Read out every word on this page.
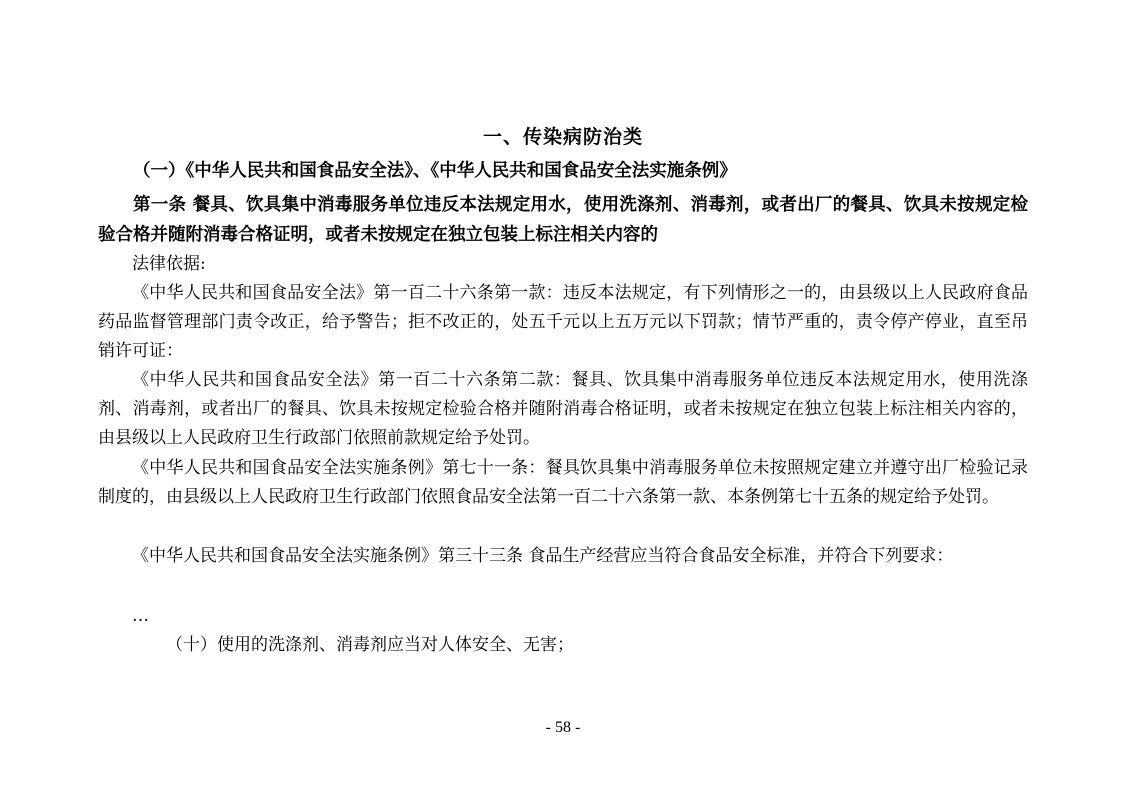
一、传染病防治类
（一）《中华人民共和国食品安全法》、《中华人民共和国食品安全法实施条例》
第一条 餐具、饮具集中消毒服务单位违反本法规定用水，使用洗涤剂、消毒剂，或者出厂的餐具、饮具未按规定检验合格并随附消毒合格证明，或者未按规定在独立包装上标注相关内容的
法律依据:
《中华人民共和国食品安全法》第一百二十六条第一款：违反本法规定，有下列情形之一的，由县级以上人民政府食品药品监督管理部门责令改正，给予警告；拒不改正的，处五千元以上五万元以下罚款；情节严重的，责令停产停业，直至吊销许可证：
《中华人民共和国食品安全法》第一百二十六条第二款：餐具、饮具集中消毒服务单位违反本法规定用水，使用洗涤剂、消毒剂，或者出厂的餐具、饮具未按规定检验合格并随附消毒合格证明，或者未按规定在独立包装上标注相关内容的，由县级以上人民政府卫生行政部门依照前款规定给予处罚。
《中华人民共和国食品安全法实施条例》第七十一条：餐具饮具集中消毒服务单位未按照规定建立并遵守出厂检验记录制度的，由县级以上人民政府卫生行政部门依照食品安全法第一百二十六条第一款、本条例第七十五条的规定给予处罚。
《中华人民共和国食品安全法实施条例》第三十三条 食品生产经营应当符合食品安全标准，并符合下列要求：
…
（十）使用的洗涤剂、消毒剂应当对人体安全、无害；
- 58 -
